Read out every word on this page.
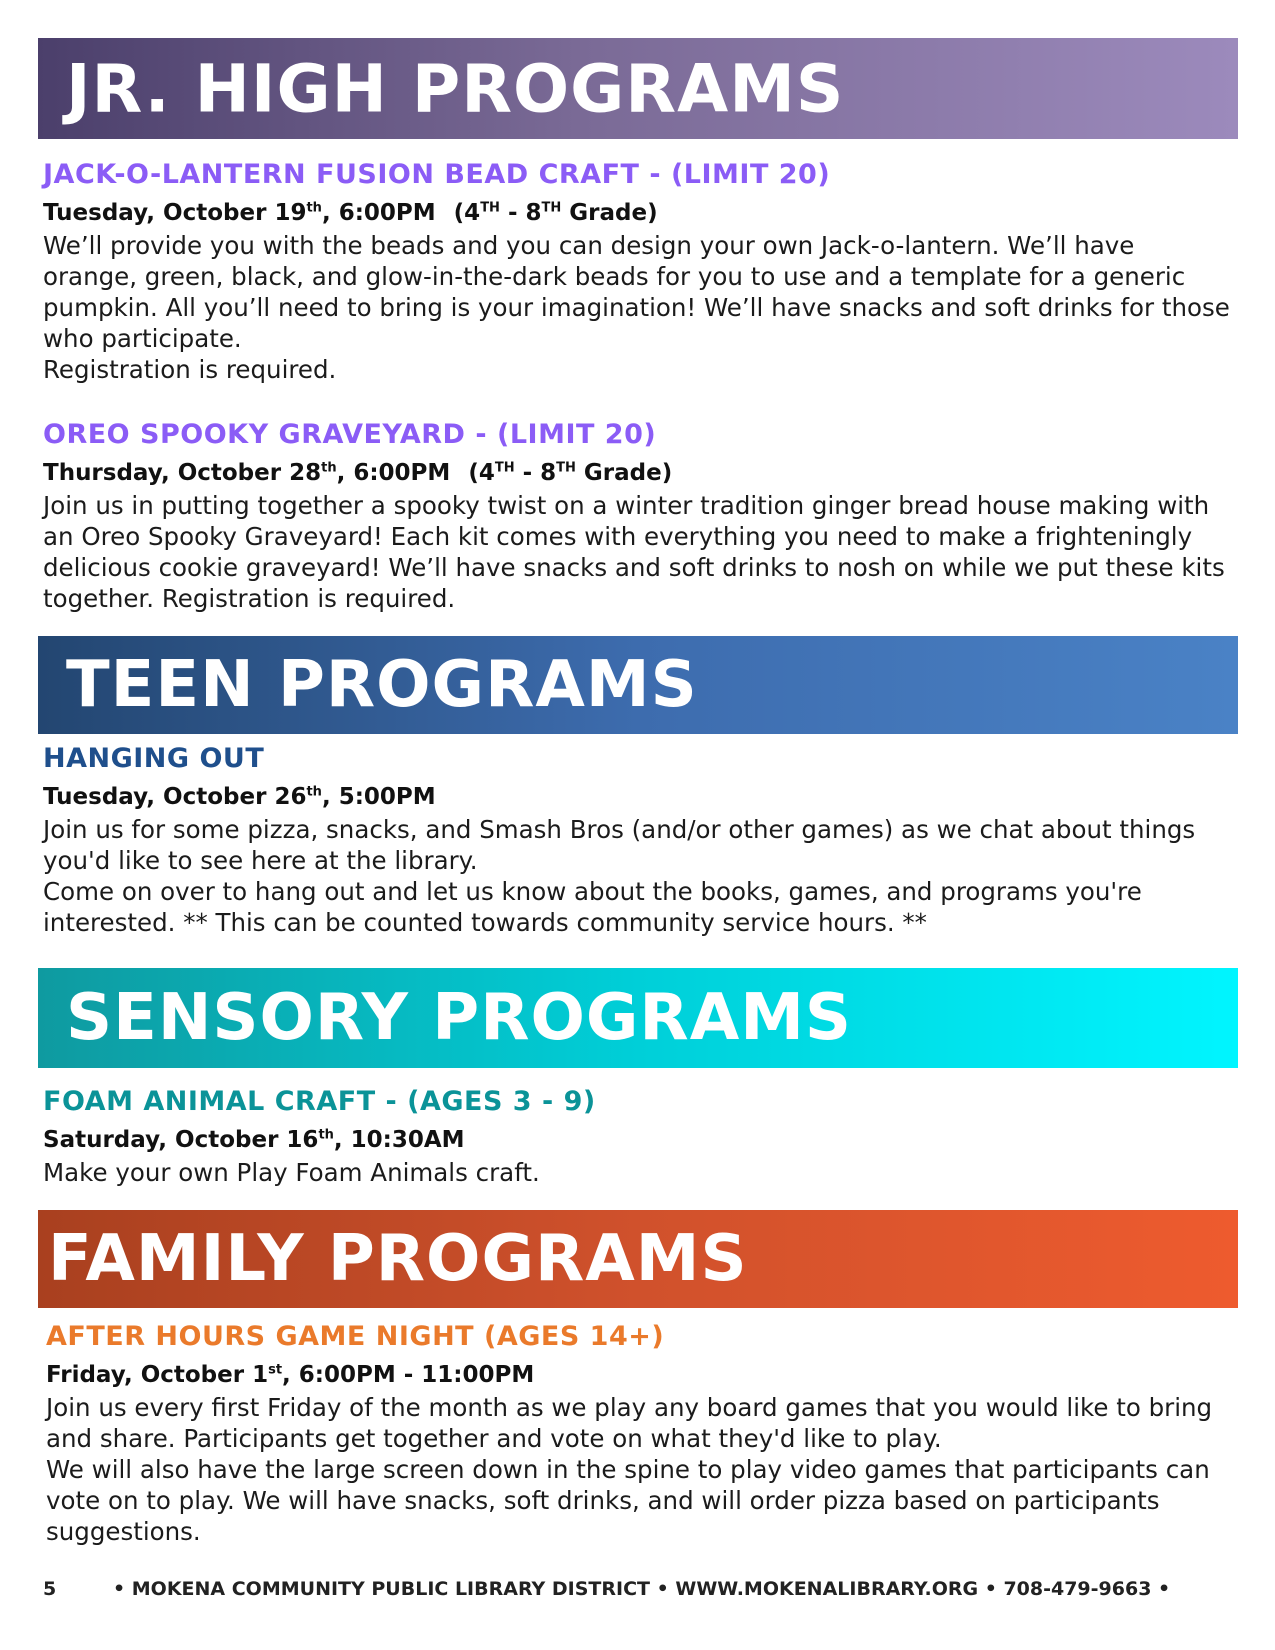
JR. HIGH PROGRAMS
JACK-O-LANTERN FUSION BEAD CRAFT - (LIMIT 20)
Tuesday, October 19th, 6:00PM (4TH - 8TH Grade)

We’ll provide you with the beads and you can design your own Jack-o-lantern. We’ll have orange, green, black, and glow-in-the-dark beads for you to use and a template for a generic pumpkin. All you’ll need to bring is your imagination! We’ll have snacks and soft drinks for those who participate.

Registration is required.

OREO SPOOKY GRAVEYARD - (LIMIT 20)
Thursday, October 28th, 6:00PM (4TH - 8TH Grade)

Join us in putting together a spooky twist on a winter tradition ginger bread house making with an Oreo Spooky Graveyard! Each kit comes with everything you need to make a frighteningly delicious cookie graveyard! We’ll have snacks and soft drinks to nosh on while we put these kits together. Registration is required.

TEEN PROGRAMS
HANGING OUT
Tuesday, October 26th, 5:00PM

Join us for some pizza, snacks, and Smash Bros (and/or other games) as we chat about things you'd like to see here at the library.

Come on over to hang out and let us know about the books, games, and programs you're interested. ** This can be counted towards community service hours. **

SENSORY PROGRAMS
FOAM ANIMAL CRAFT - (AGES 3 - 9)
Saturday, October 16th, 10:30AM

Make your own Play Foam Animals craft.

FAMILY PROGRAMS
AFTER HOURS GAME NIGHT (AGES 14+)
Friday, October 1st, 6:00PM - 11:00PM

Join us every first Friday of the month as we play any board games that you would like to bring and share. Participants get together and vote on what they'd like to play.

We will also have the large screen down in the spine to play video games that participants can vote on to play. We will have snacks, soft drinks, and will order pizza based on participants suggestions.

5	• MOKENA COMMUNITY PUBLIC LIBRARY DISTRICT • WWW.MOKENALIBRARY.ORG • 708-479-9663 •
